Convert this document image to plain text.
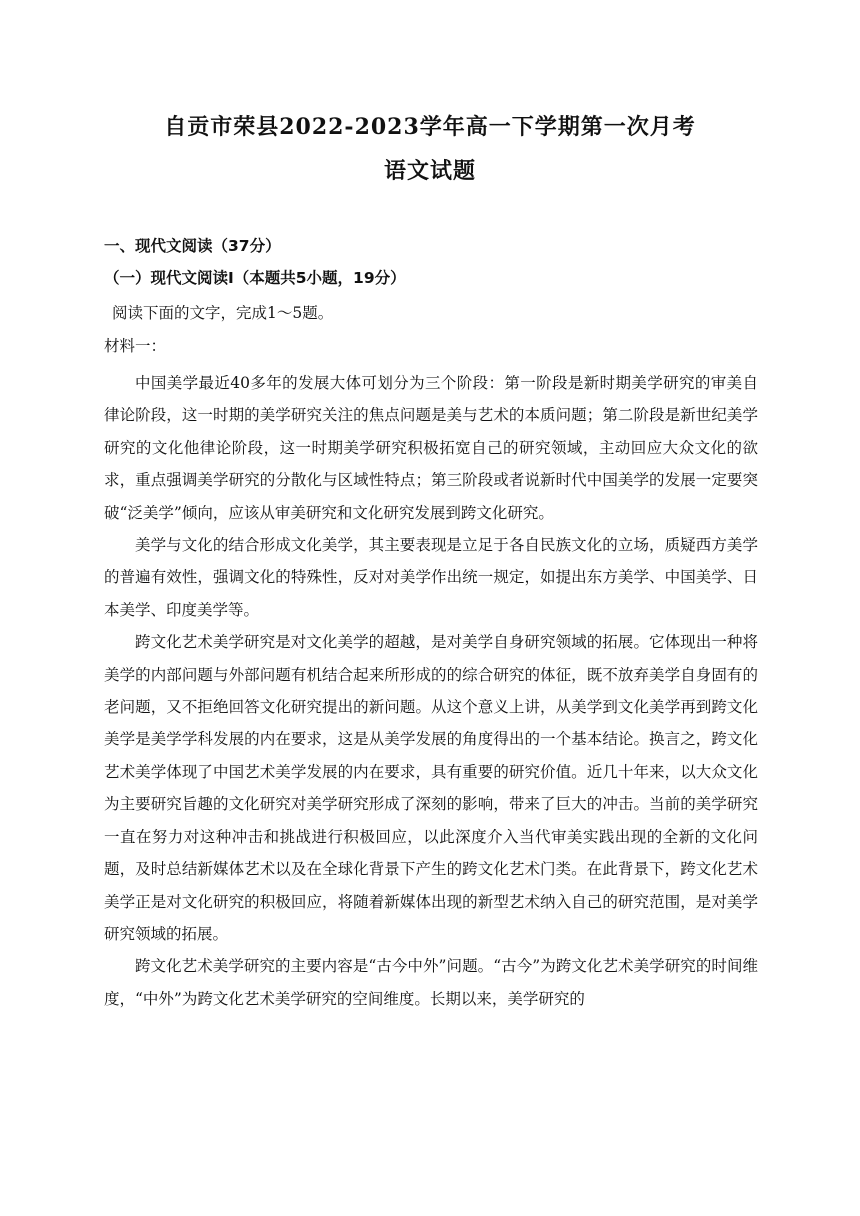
自贡市荣县2022-2023学年高一下学期第一次月考
语文试题
一、现代文阅读（37分）
（一）现代文阅读Ⅰ（本题共5小题，19分）
阅读下面的文字，完成1～5题。
材料一：

中国美学最近40多年的发展大体可划分为三个阶段：第一阶段是新时期美学研究的审美自律论阶段，这一时期的美学研究关注的焦点问题是美与艺术的本质问题；第二阶段是新世纪美学研究的文化他律论阶段，这一时期美学研究积极拓宽自己的研究领域，主动回应大众文化的欲求，重点强调美学研究的分散化与区域性特点；第三阶段或者说新时代中国美学的发展一定要突破“泛美学”倾向，应该从审美研究和文化研究发展到跨文化研究。

美学与文化的结合形成文化美学，其主要表现是立足于各自民族文化的立场，质疑西方美学的普遍有效性，强调文化的特殊性，反对对美学作出统一规定，如提出东方美学、中国美学、日本美学、印度美学等。

跨文化艺术美学研究是对文化美学的超越，是对美学自身研究领域的拓展。它体现出一种将美学的内部问题与外部问题有机结合起来所形成的的综合研究的体征，既不放弃美学自身固有的老问题，又不拒绝回答文化研究提出的新问题。从这个意义上讲，从美学到文化美学再到跨文化美学是美学学科发展的内在要求，这是从美学发展的角度得出的一个基本结论。换言之，跨文化艺术美学体现了中国艺术美学发展的内在要求，具有重要的研究价值。近几十年来，以大众文化为主要研究旨趣的文化研究对美学研究形成了深刻的影响，带来了巨大的冲击。当前的美学研究一直在努力对这种冲击和挑战进行积极回应，以此深度介入当代审美实践出现的全新的文化问题，及时总结新媒体艺术以及在全球化背景下产生的跨文化艺术门类。在此背景下，跨文化艺术美学正是对文化研究的积极回应，将随着新媒体出现的新型艺术纳入自己的研究范围，是对美学研究领域的拓展。

跨文化艺术美学研究的主要内容是“古今中外”问题。“古今”为跨文化艺术美学研究的时间维度，“中外”为跨文化艺术美学研究的空间维度。长期以来，美学研究的
